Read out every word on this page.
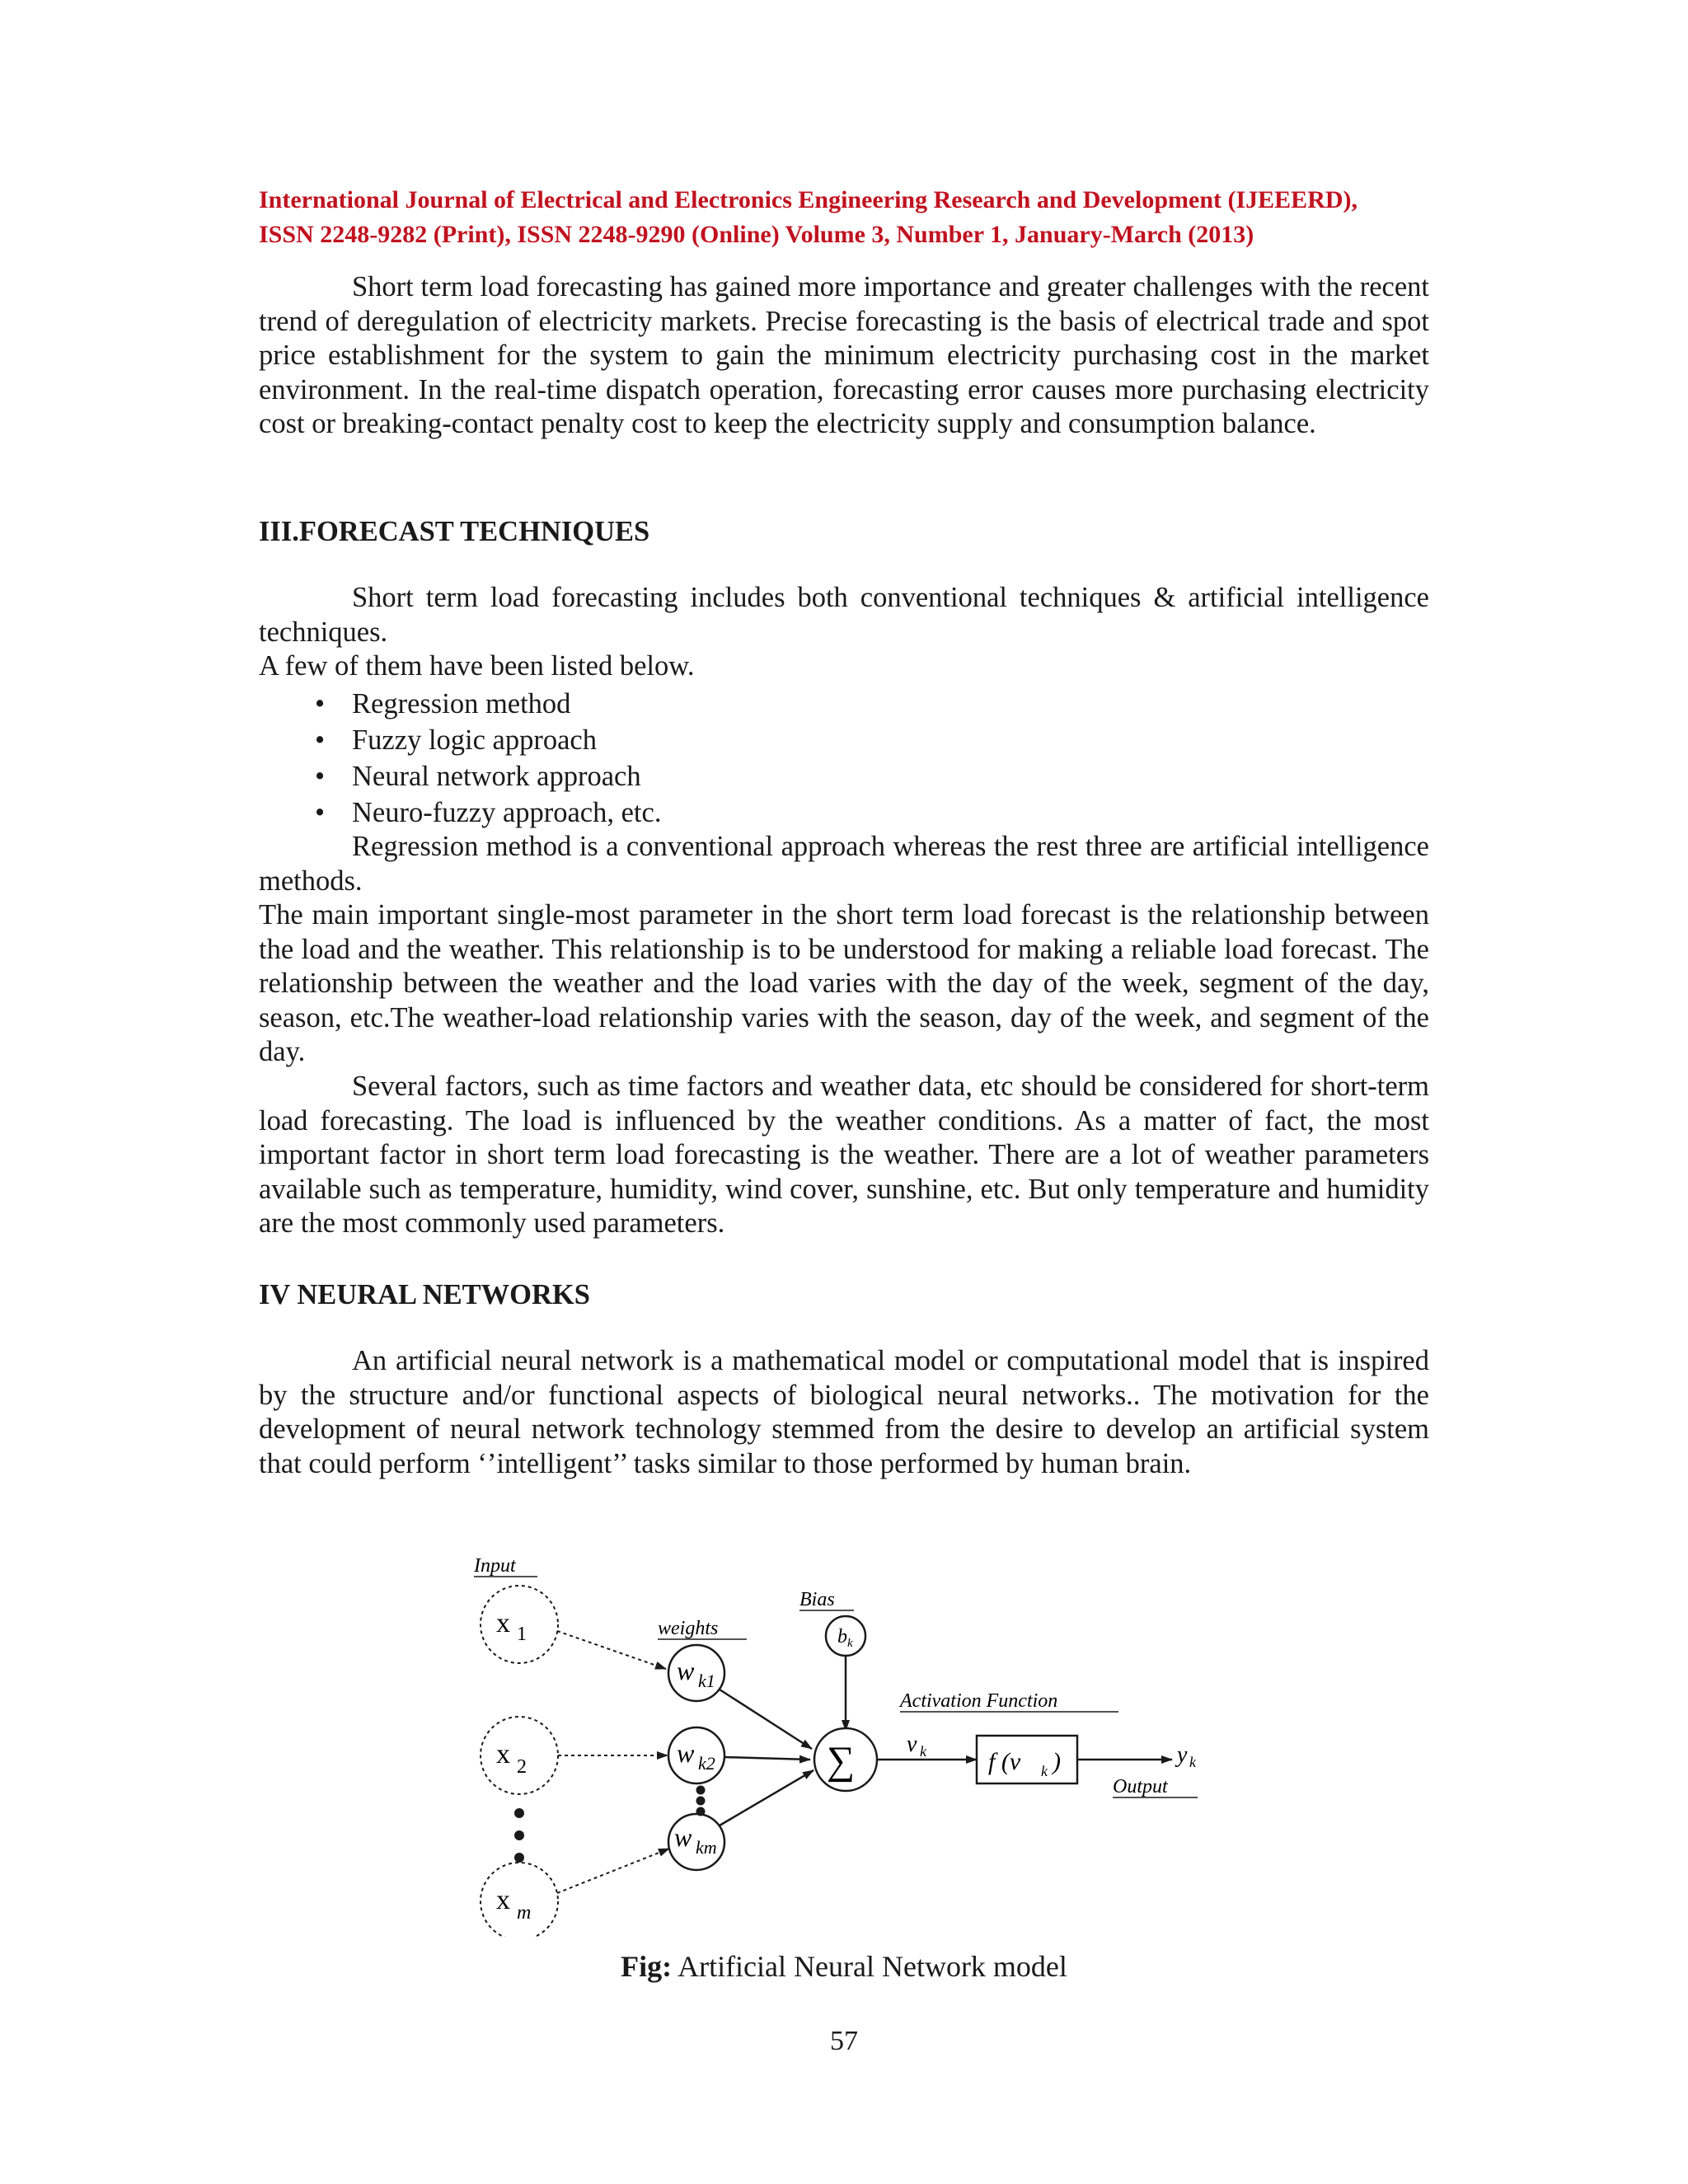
International Journal of Electrical and Electronics Engineering Research and Development (IJEEERD),
ISSN 2248-9282 (Print), ISSN 2248-9290 (Online) Volume 3, Number 1, January-March (2013)

Short term load forecasting has gained more importance and greater challenges with the recent trend of deregulation of electricity markets. Precise forecasting is the basis of electrical trade and spot price establishment for the system to gain the minimum electricity purchasing cost in the market environment. In the real-time dispatch operation, forecasting error causes more purchasing electricity cost or breaking-contact penalty cost to keep the electricity supply and consumption balance.

III.FORECAST TECHNIQUES

Short term load forecasting includes both conventional techniques & artificial intelligence techniques.

A few of them have been listed below.

• Regression method
• Fuzzy logic approach
• Neural network approach
• Neuro-fuzzy approach, etc.

Regression method is a conventional approach whereas the rest three are artificial intelligence methods.

The main important single-most parameter in the short term load forecast is the relationship between the load and the weather. This relationship is to be understood for making a reliable load forecast. The relationship between the weather and the load varies with the day of the week, segment of the day, season, etc.The weather-load relationship varies with the season, day of the week, and segment of the day.

Several factors, such as time factors and weather data, etc should be considered for short-term load forecasting. The load is influenced by the weather conditions. As a matter of fact, the most important factor in short term load forecasting is the weather. There are a lot of weather parameters available such as temperature, humidity, wind cover, sunshine, etc. But only temperature and humidity are the most commonly used parameters.

IV NEURAL NETWORKS

An artificial neural network is a mathematical model or computational model that is inspired by the structure and/or functional aspects of biological neural networks.. The motivation for the development of neural network technology stemmed from the desire to develop an artificial system that could perform ‘’intelligent’’ tasks similar to those performed by human brain.

Input
weights
Bias
Activation Function
Output
x 1
x 2
x m
w k1
w k2
w km
b k
∑ v k	f (v k )	y k
Fig: Artificial Neural Network model
57
